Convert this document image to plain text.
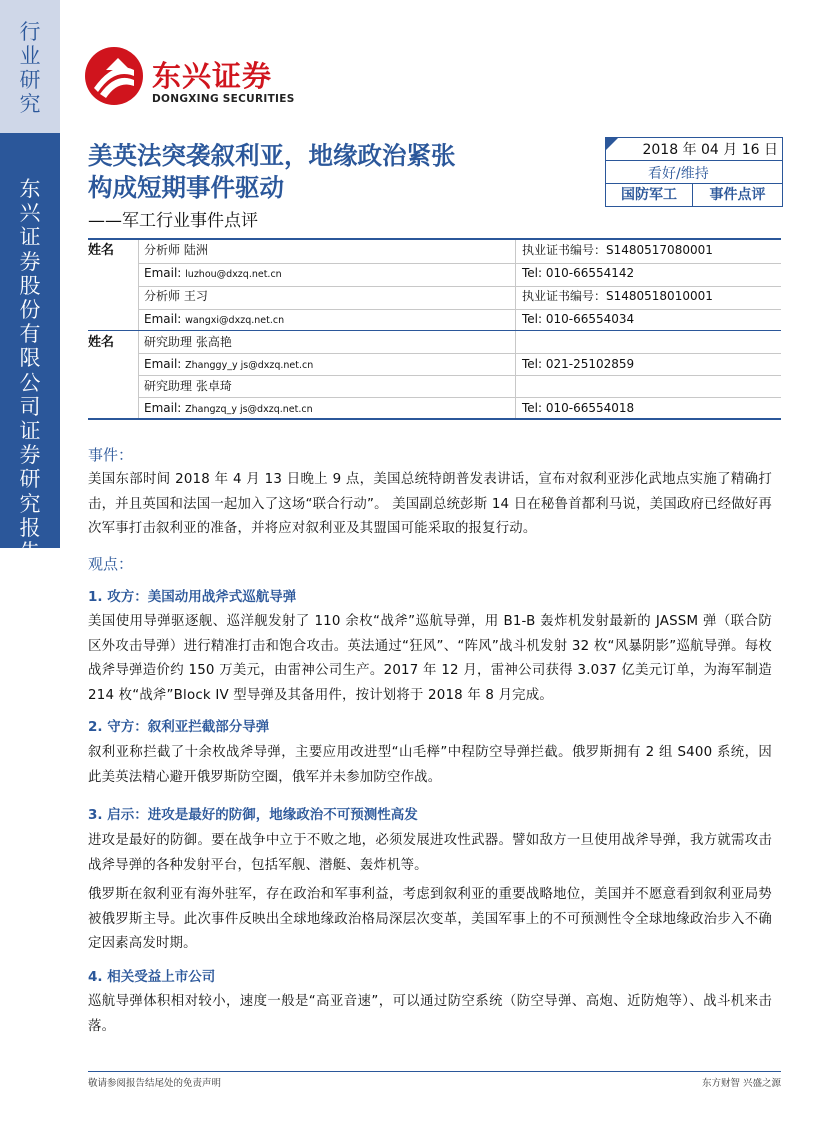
行业研究
东兴证券股份有限公司证券研究报告
东兴证券
DONGXING SECURITIES
美英法突袭叙利亚，地缘政治紧张
构成短期事件驱动
——军工行业事件点评
2018 年 04 月 16 日
看好/维持
国防军工	事件点评
姓名 分析师 陆洲	执业证书编号：S1480517080001
Email: luzhou@dxzq.net.cn	Tel: 010-66554142
分析师 王习	执业证书编号：S1480518010001
Email: wangxi@dxzq.net.cn	Tel: 010-66554034
姓名 研究助理 张高艳
Email: Zhanggy_y js@dxzq.net.cn	Tel: 021-25102859
研究助理 张卓琦
Email: Zhangzq_y js@dxzq.net.cn	Tel: 010-66554018
事件：
美国东部时间 2018 年 4 月 13 日晚上 9 点，美国总统特朗普发表讲话，宣布对叙利亚涉化武地点实施了精确打击，并且英国和法国一起加入了这场“联合行动”。 美国副总统彭斯 14 日在秘鲁首都利马说，美国政府已经做好再次军事打击叙利亚的准备，并将应对叙利亚及其盟国可能采取的报复行动。
观点：
1. 攻方：美国动用战斧式巡航导弹
美国使用导弹驱逐舰、巡洋舰发射了 110 余枚“战斧”巡航导弹，用 B1-B 轰炸机发射最新的 JASSM 弹（联合防区外攻击导弹）进行精准打击和饱合攻击。英法通过“狂风”、“阵风”战斗机发射 32 枚“风暴阴影”巡航导弹。每枚战斧导弹造价约 150 万美元，由雷神公司生产。2017 年 12 月，雷神公司获得 3.037 亿美元订单，为海军制造 214 枚“战斧”Block IV 型导弹及其备用件，按计划将于 2018 年 8 月完成。
2. 守方：叙利亚拦截部分导弹
叙利亚称拦截了十余枚战斧导弹，主要应用改进型“山毛榉”中程防空导弹拦截。俄罗斯拥有 2 组 S400 系统，因此美英法精心避开俄罗斯防空圈，俄军并未参加防空作战。
3. 启示：进攻是最好的防御，地缘政治不可预测性高发
进攻是最好的防御。要在战争中立于不败之地，必须发展进攻性武器。譬如敌方一旦使用战斧导弹，我方就需攻击战斧导弹的各种发射平台，包括军舰、潜艇、轰炸机等。
俄罗斯在叙利亚有海外驻军，存在政治和军事利益，考虑到叙利亚的重要战略地位，美国并不愿意看到叙利亚局势被俄罗斯主导。此次事件反映出全球地缘政治格局深层次变革，美国军事上的不可预测性令全球地缘政治步入不确定因素高发时期。
4. 相关受益上市公司
巡航导弹体积相对较小，速度一般是“高亚音速”，可以通过防空系统（防空导弹、高炮、近防炮等）、战斗机来击落。
敬请参阅报告结尾处的免责声明	东方财智 兴盛之源
